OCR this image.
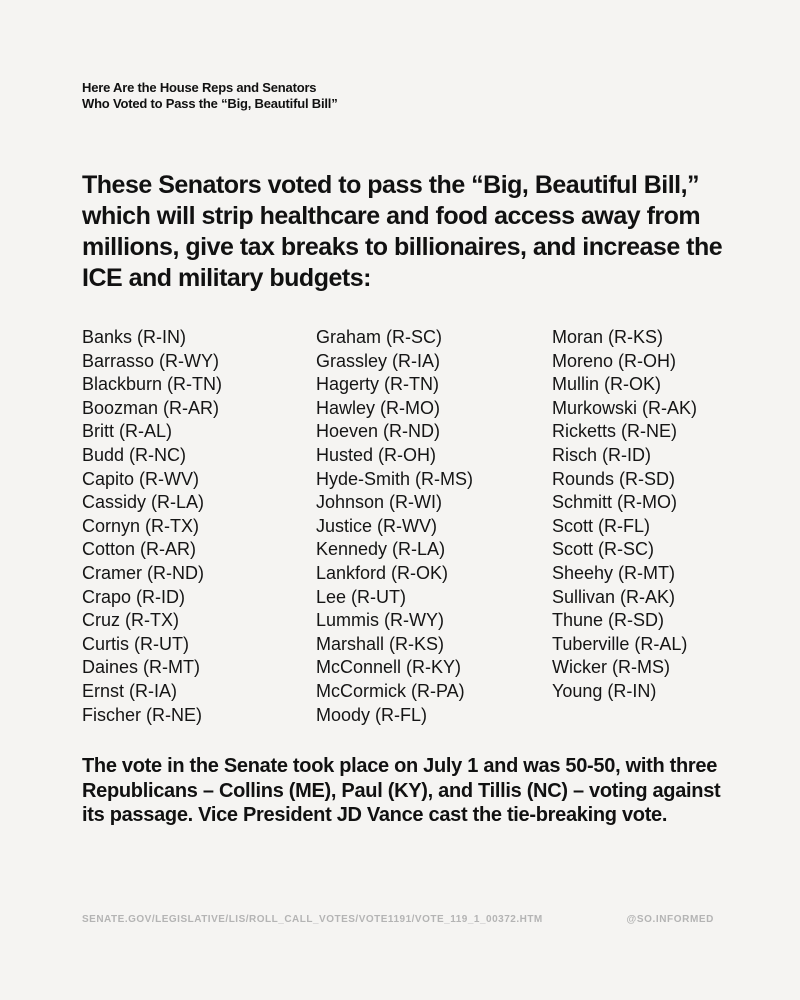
Here Are the House Reps and Senators
Who Voted to Pass the “Big, Beautiful Bill”
These Senators voted to pass the “Big, Beautiful Bill,” which will strip healthcare and food access away from millions, give tax breaks to billionaires, and increase the ICE and military budgets:
Banks (R-IN)
Barrasso (R-WY)
Blackburn (R-TN)
Boozman (R-AR)
Britt (R-AL)
Budd (R-NC)
Capito (R-WV)
Cassidy (R-LA)
Cornyn (R-TX)
Cotton (R-AR)
Cramer (R-ND)
Crapo (R-ID)
Cruz (R-TX)
Curtis (R-UT)
Daines (R-MT)
Ernst (R-IA)
Fischer (R-NE)
Graham (R-SC)
Grassley (R-IA)
Hagerty (R-TN)
Hawley (R-MO)
Hoeven (R-ND)
Husted (R-OH)
Hyde-Smith (R-MS)
Johnson (R-WI)
Justice (R-WV)
Kennedy (R-LA)
Lankford (R-OK)
Lee (R-UT)
Lummis (R-WY)
Marshall (R-KS)
McConnell (R-KY)
McCormick (R-PA)
Moody (R-FL)
Moran (R-KS)
Moreno (R-OH)
Mullin (R-OK)
Murkowski (R-AK)
Ricketts (R-NE)
Risch (R-ID)
Rounds (R-SD)
Schmitt (R-MO)
Scott (R-FL)
Scott (R-SC)
Sheehy (R-MT)
Sullivan (R-AK)
Thune (R-SD)
Tuberville (R-AL)
Wicker (R-MS)
Young (R-IN)
The vote in the Senate took place on July 1 and was 50-50, with three Republicans – Collins (ME), Paul (KY), and Tillis (NC) – voting against its passage. Vice President JD Vance cast the tie-breaking vote.
SENATE.GOV/LEGISLATIVE/LIS/ROLL_CALL_VOTES/VOTE1191/VOTE_119_1_00372.HTM	@SO.INFORMED
